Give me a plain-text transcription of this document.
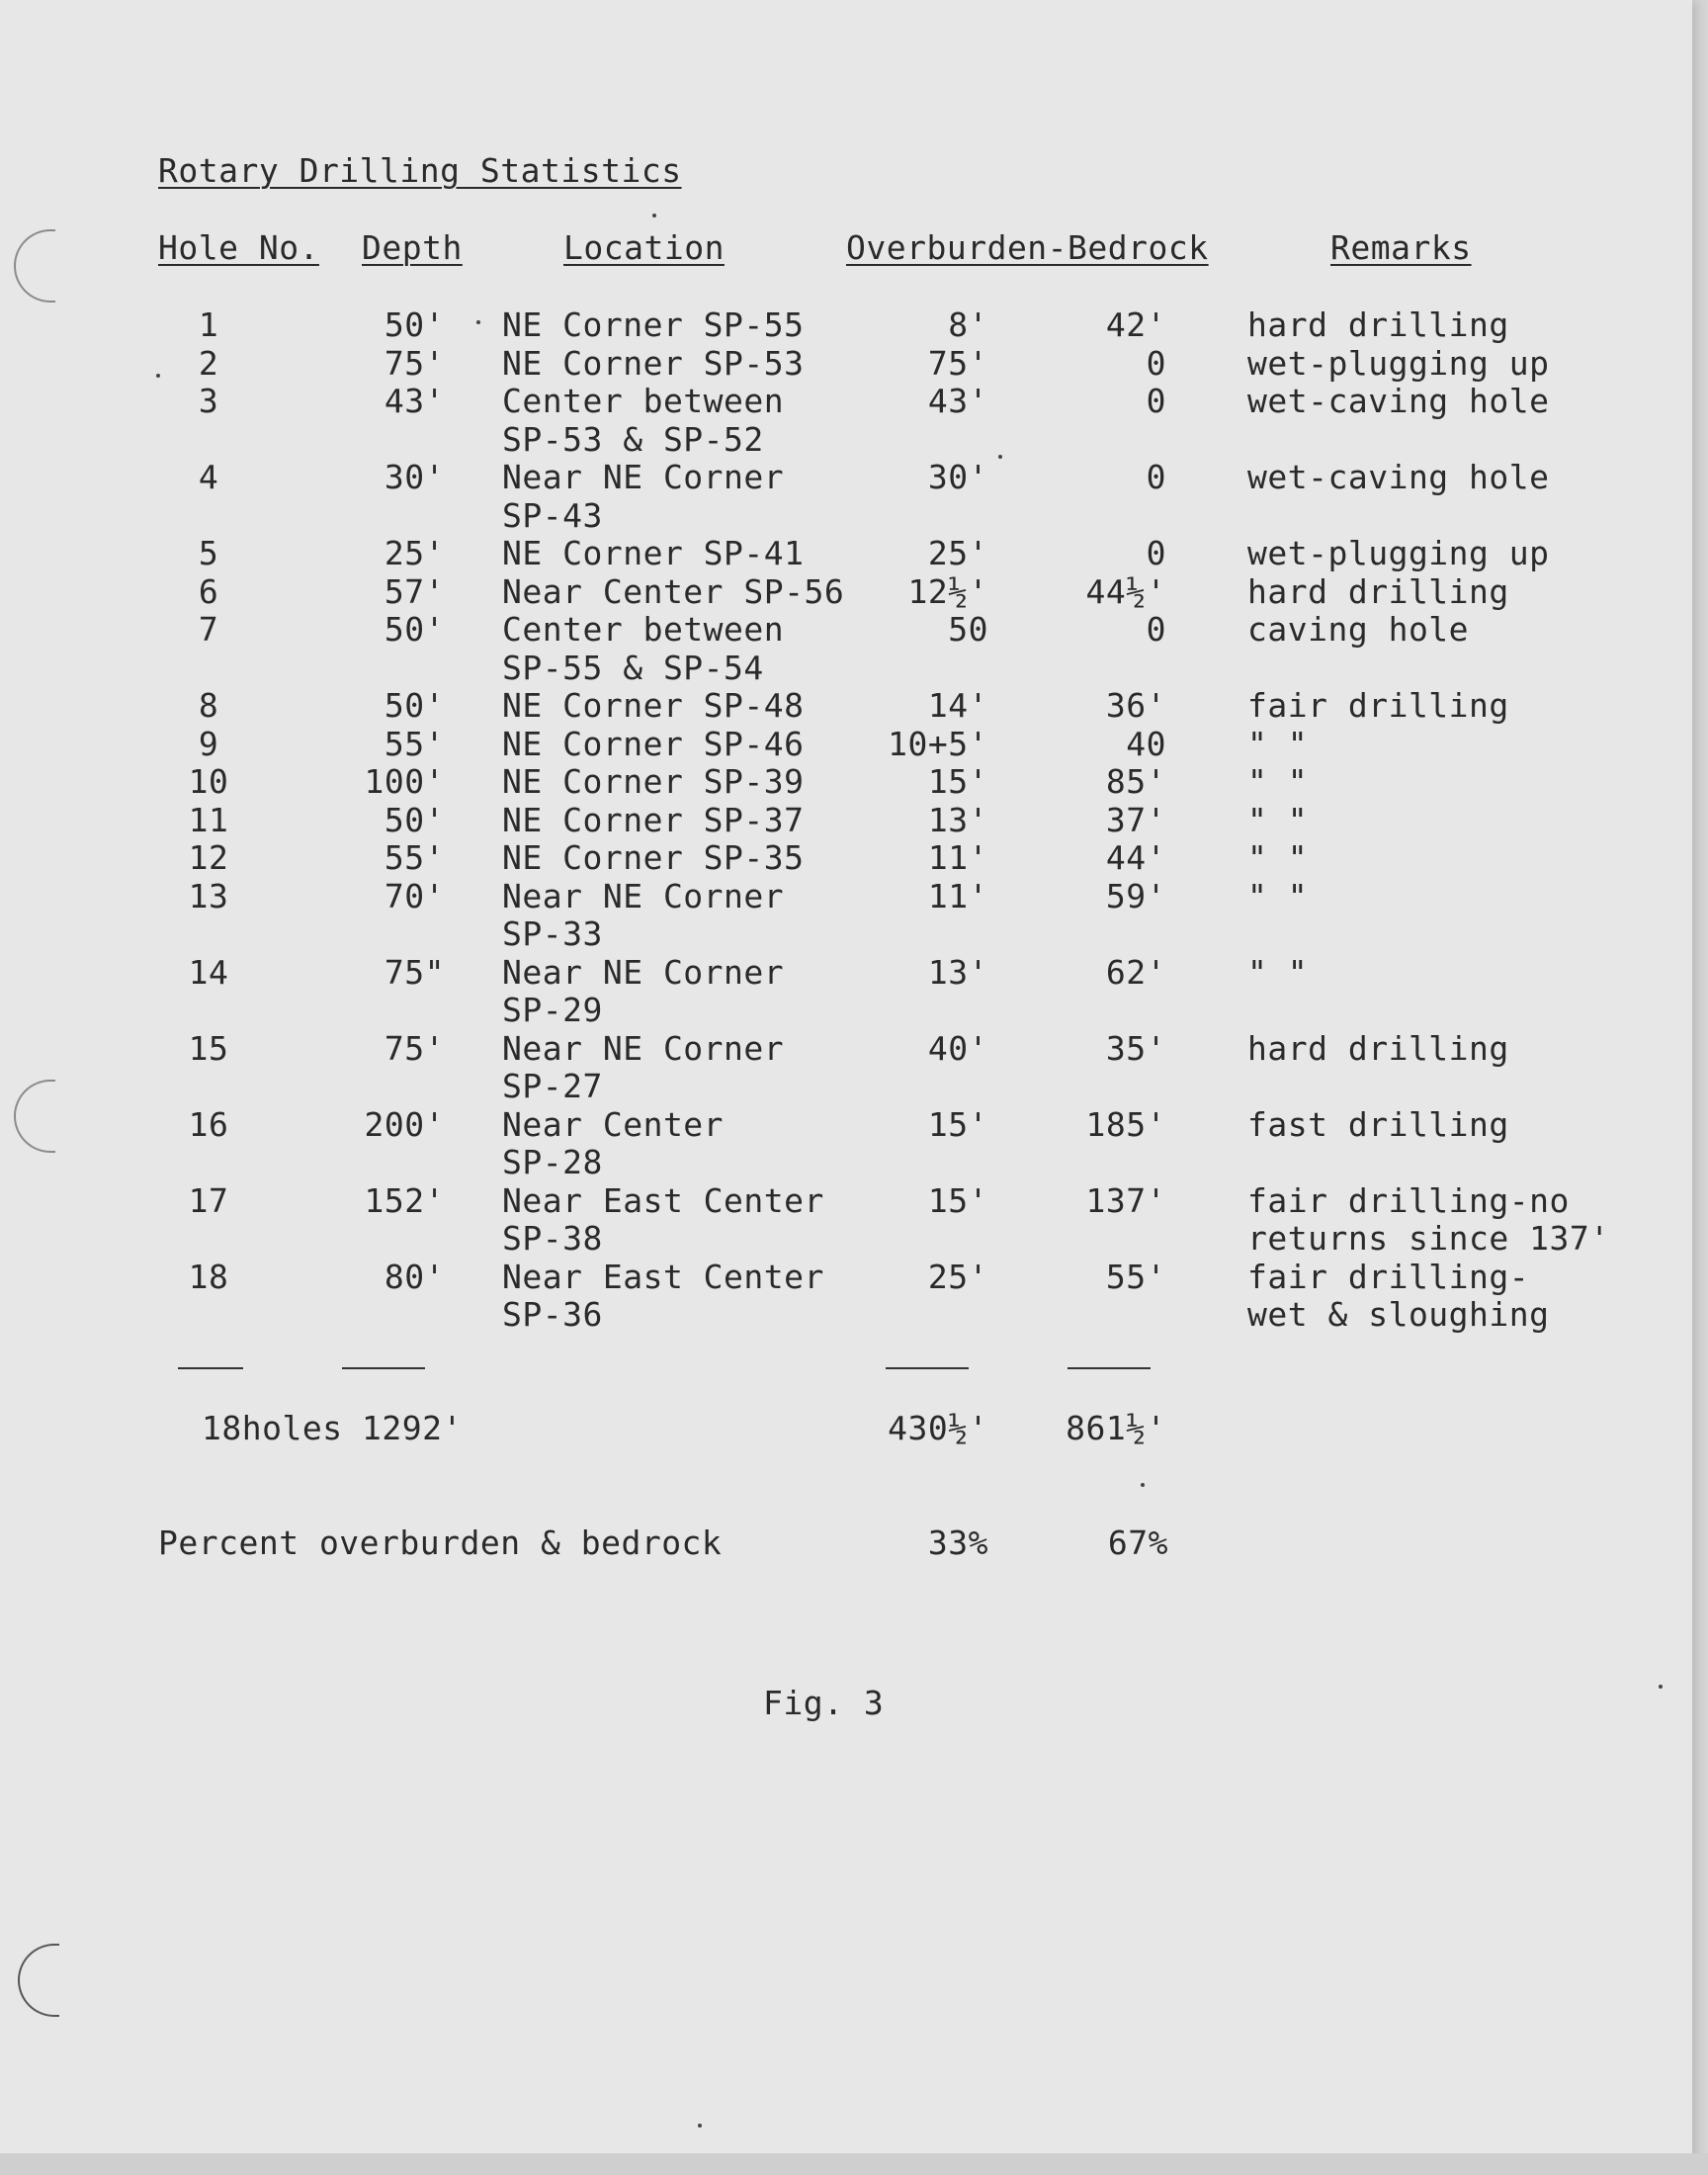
Rotary Drilling Statistics
Hole No. Depth	Location	Overburden-Bedrock	Remarks
1	50' NE Corner SP-55	8'	42' hard drilling
2	75' NE Corner SP-53	75'	0 wet-plugging up
3	43' Center between
SP-53 & SP-52
43'	0 wet-caving hole
4	30' Near NE Corner
SP-43
30'	0 wet-caving hole
5	25' NE Corner SP-41	25'	0 wet-plugging up
6	57' Near Center SP-56	12½'	44½' hard drilling
7	50' Center between
SP-55 & SP-54
50	0 caving hole
8	50' NE Corner SP-48	14'	36' fair drilling
9	55' NE Corner SP-46	10+5'	40 " "
10	100' NE Corner SP-39	15'	85' " "
11	50' NE Corner SP-37	13'	37' " "
12	55' NE Corner SP-35	11'	44' " "
13	70' Near NE Corner
SP-33
11'	59' " "
14	75" Near NE Corner
SP-29
13'	62' " "
15	75' Near NE Corner
SP-27
40'	35' hard drilling
16	200' Near Center
SP-28
15'	185' fast drilling
17	152' Near East Center
SP-38
15'	137' fair drilling-no
returns since 137'
18	80' Near East Center
SP-36
25'	55' fair drilling-
wet & sloughing
18holes 1292'	430½'	861½'
Percent overburden & bedrock	33%	67%
Fig. 3
